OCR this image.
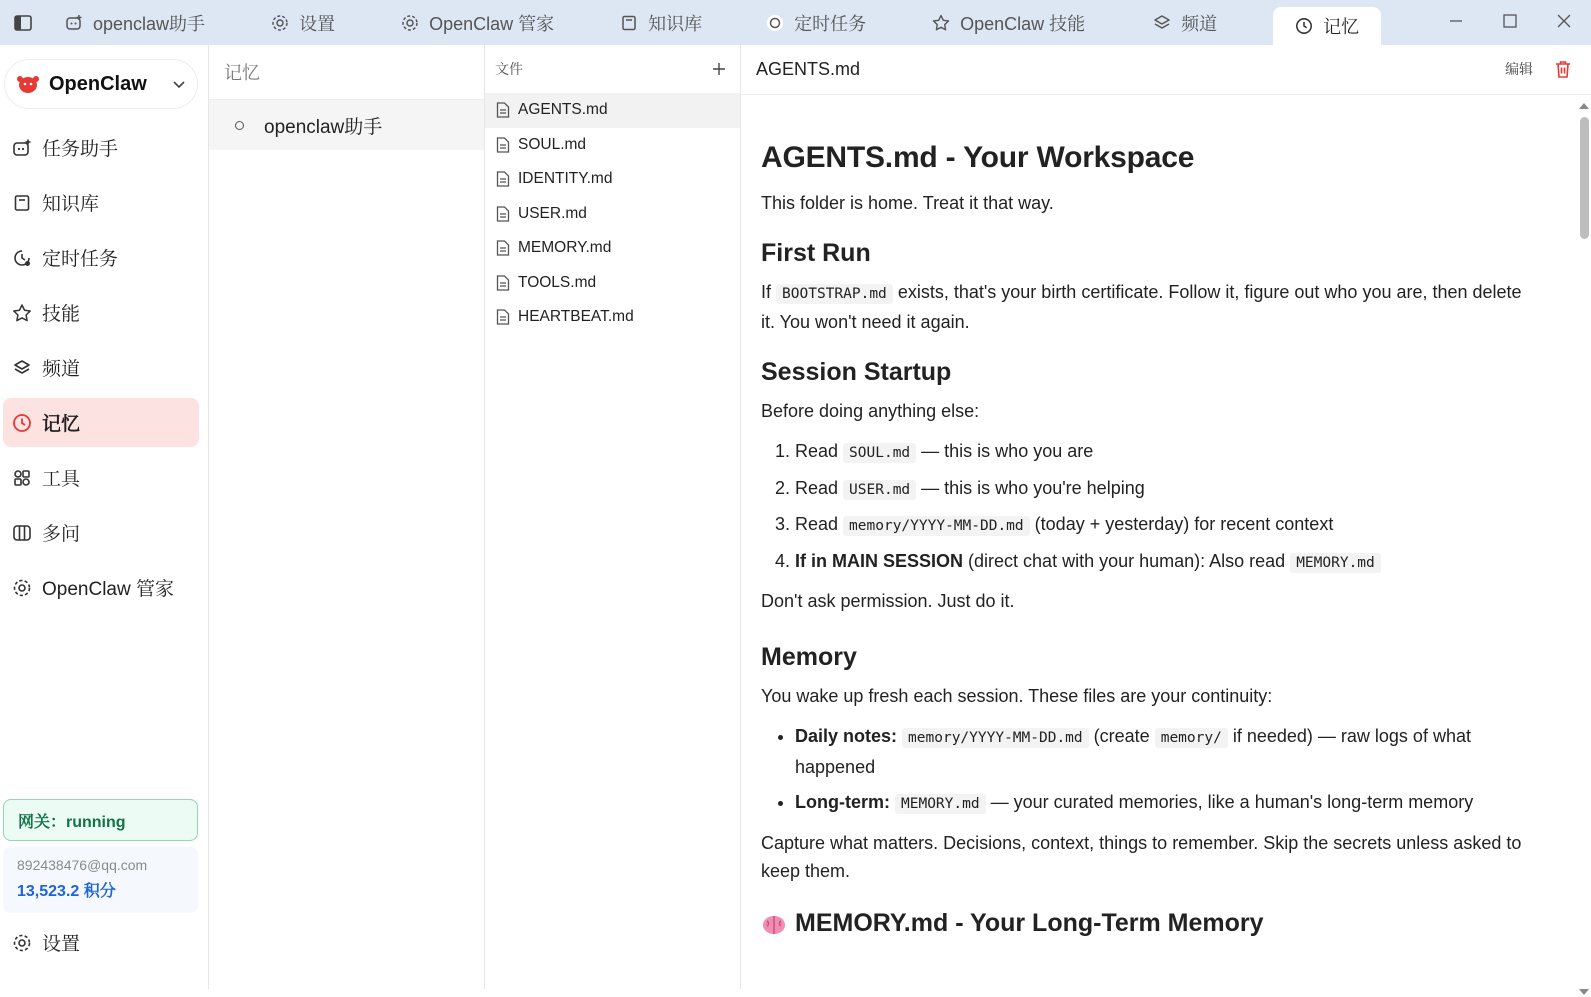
openclaw助手	设置	OpenClaw 管家	知识库	定时任务	OpenClaw 技能	频道	记忆
OpenClaw
任务助手
知识库
定时任务
技能
频道
记忆
工具
多问
OpenClaw 管家
网关：running
892438476@qq.com
13,523.2 积分
设置
记忆
openclaw助手
文件
AGENTS.md
SOUL.md
IDENTITY.md
USER.md
MEMORY.md
TOOLS.md
HEARTBEAT.md
AGENTS.md	编辑
AGENTS.md - Your Workspace

This folder is home. Treat it that way.

First Run

If BOOTSTRAP.md exists, that's your birth certificate. Follow it, figure out who you are, then delete it. You won't need it again.

Session Startup

Before doing anything else:

1. Read SOUL.md — this is who you are
2. Read USER.md — this is who you're helping
3. Read memory/YYYY-MM-DD.md (today + yesterday) for recent context
4. If in MAIN SESSION (direct chat with your human): Also read MEMORY.md

Don't ask permission. Just do it.

Memory

You wake up fresh each session. These files are your continuity:

• Daily notes: memory/YYYY-MM-DD.md (create memory/ if needed) — raw logs of what happened
• Long-term: MEMORY.md — your curated memories, like a human's long-term memory

Capture what matters. Decisions, context, things to remember. Skip the secrets unless asked to keep them.

MEMORY.md - Your Long-Term Memory
